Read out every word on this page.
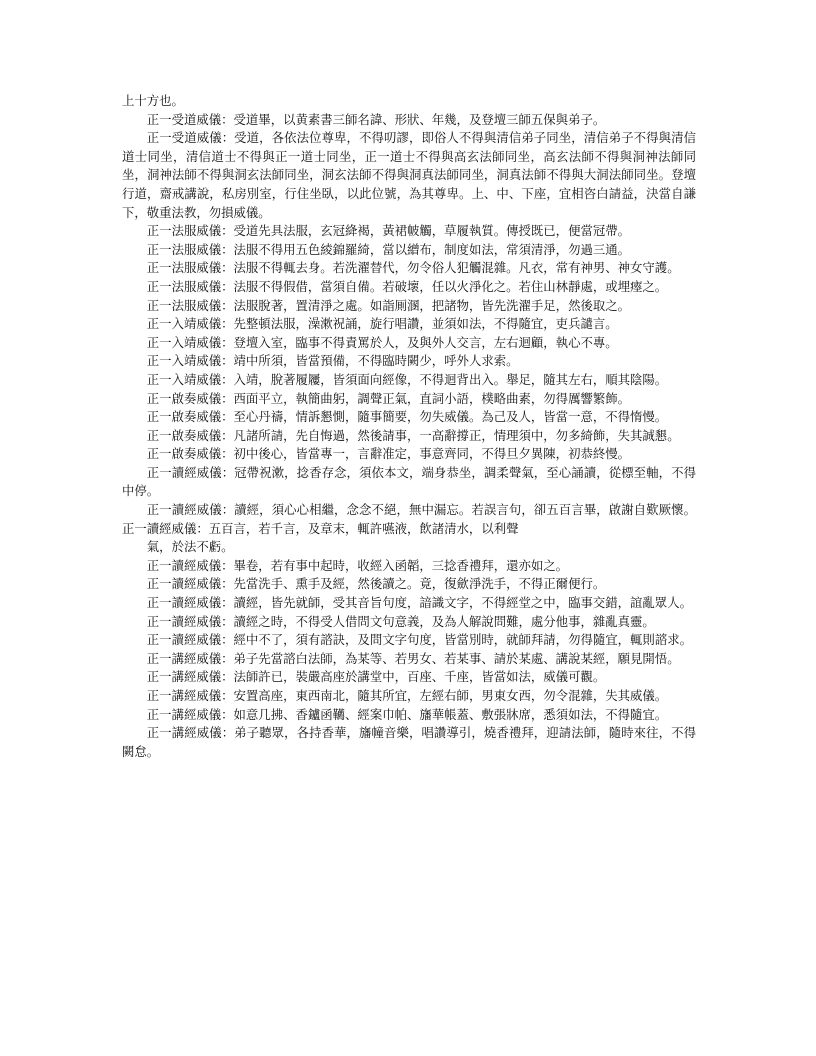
上十方也。

正一受道威儀：受道畢，以黄素書三師名諱、形狀、年幾，及登壇三師五保與弟子。

正一受道威儀：受道，各依法位尊卑，不得叨謬，即俗人不得與清信弟子同坐，清信弟子不得與清信道士同坐，清信道士不得與正一道士同坐，正一道士不得與高玄法師同坐，高玄法師不得與洞神法師同坐，洞神法師不得與洞玄法師同坐，洞玄法師不得與洞真法師同坐，洞真法師不得與大洞法師同坐。登壇行道，齋戒講說，私房別室，行住坐臥，以此位號，為其尊卑。上、中、下座，宜相咨白請益，決當自謙下，敬重法教，勿損威儀。

正一法服威儀：受道先具法服，玄冠絳褐，黃裙帔觸，草履執質。傳授既已，便當冠帶。

正一法服威儀：法服不得用五色綾錦羅綺，當以繒布，制度如法，常須清淨，勿過三通。

正一法服威儀：法服不得輒去身。若洗濯替代，勿令俗人犯觸混雜。凡衣，常有神男、神女守護。

正一法服威儀：法服不得假借，當須自備。若破壞，任以火淨化之。若住山林靜處，或埋瘞之。

正一法服威儀：法服脫著，置清淨之處。如詣厠溷，把諸物，皆先洗濯手足，然後取之。

正一入靖威儀：先整頓法服，澡漱祝誦，旋行唱讚，並須如法，不得隨宜，吏兵譴言。

正一入靖威儀：登壇入室，臨事不得責罵於人，及與外人交言，左右迴顧，執心不專。

正一入靖威儀：靖中所須，皆當預備，不得臨時闕少，呼外人求索。

正一入靖威儀：入靖，脫著履屨，皆須面向經像，不得迴背出入。舉足，隨其左右，順其陰陽。

正一啟奏威儀：西面平立，執簡曲躬，調聲正氣，直詞小語，樸略曲素，勿得厲響繁飾。

正一啟奏威儀：至心丹禱，情訴懇惻，隨事簡要，勿失威儀。為己及人，皆當一意，不得惰慢。

正一啟奏威儀：凡諸所請，先自悔過，然後請事，一高辭撐正，情理須中，勿多綺飾，失其誠懇。

正一啟奏威儀：初中後心，皆當專一，言辭准定，事意齊同，不得旦夕異陳，初恭終慢。

正一讀經威儀：冠帶祝漱，捻香存念，須依本文，端身恭坐，調柔聲氣，至心誦讀，從標至軸，不得中停。

正一讀經威儀：讀經，須心心相繼，念念不絕，無中漏忘。若誤言句，卻五百言畢，啟謝自歎厥懷。正一讀經威儀：五百言，若千言，及章末，輒許嚥液，飲諸清水，以利聲

氣，於法不虧。

正一讀經威儀：畢卷，若有事中起時，收經入函韜，三捻香禮拜，還亦如之。

正一讀經威儀：先當洗手、熏手及經，然後讀之。竟，復歛淨洗手，不得正爾便行。

正一讀經威儀：讀經，皆先就師，受其音旨句度，諳識文字，不得經堂之中，臨事交錯，誼亂眾人。

正一讀經威儀：讀經之時，不得受人借問文句意義，及為人解說問難，處分他事，雜亂真靈。

正一讀經威儀：經中不了，須有諮訣，及問文字句度，皆當別時，就師拜請，勿得隨宜，輒則諮求。

正一講經威儀：弟子先當諮白法師，為某等、若男女、若某事、請於某處、講說某經，願見開悟。

正一講經威儀：法師許已，裝嚴高座於講堂中，百座、千座，皆當如法，威儀可觀。

正一講經威儀：安置高座，東西南北，隨其所宜，左經右師，男東女西，勿令混雜，失其威儀。

正一講經威儀：如意几拂、香鑪函韉、經案巾帕、旛華帳蓋、敷張牀席，悉須如法，不得隨宜。

正一講經威儀：弟子聽眾，各持香華，旛幢音樂，唱讚導引，燒香禮拜，迎請法師，隨時來往，不得闕怠。
